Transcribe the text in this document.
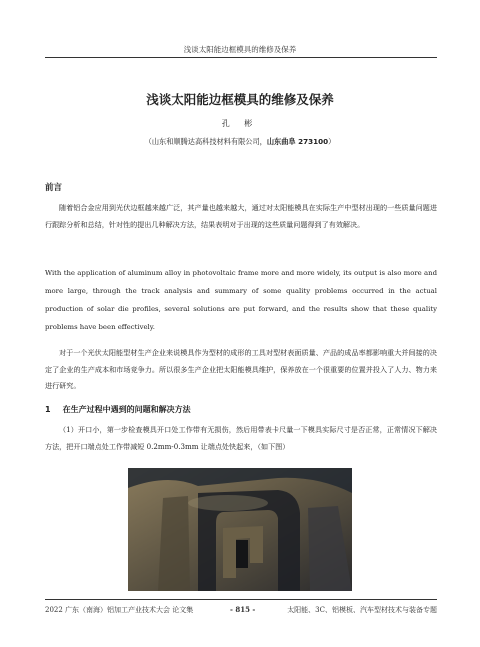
浅谈太阳能边框模具的维修及保养
浅谈太阳能边框模具的维修及保养
孔 彬
（山东和顺腾达高科技材料有限公司，山东曲阜 273100）
前言
随着铝合金应用到光伏边框越来越广泛，其产量也越来越大，通过对太阳能模具在实际生产中型材出现的一些质量问题进行跟踪分析和总结，针对性的提出几种解决方法，结果表明对于出现的这些质量问题得到了有效解决。
With the application of aluminum alloy in photovoltaic frame more and more widely, its output is also more and more large, through the track analysis and summary of some quality problems occurred in the actual production of solar die profiles, several solutions are put forward, and the results show that these quality problems have been effectively.
对于一个光伏太阳能型材生产企业来说模具作为型材的成形的工具对型材表面质量、产品的成品率都影响重大并间接的决定了企业的生产成本和市场竞争力。所以很多生产企业把太阳能模具维护，保养放在一个很重要的位置并投入了人力、物力来进行研究。
1 在生产过程中遇到的问题和解决方法
（1）开口小，第一步检查模具开口处工作带有无损伤，然后用带表卡尺量一下模具实际尺寸是否正常，正常情况下解决方法，把开口端点处工作带减短 0.2mm-0.3mm 让端点处快起来，（如下图）
2022 广东（南海）铝加工产业技术大会 论文集	- 815 -	太阳能、3C、铝模板、汽车型材技术与装备专题
